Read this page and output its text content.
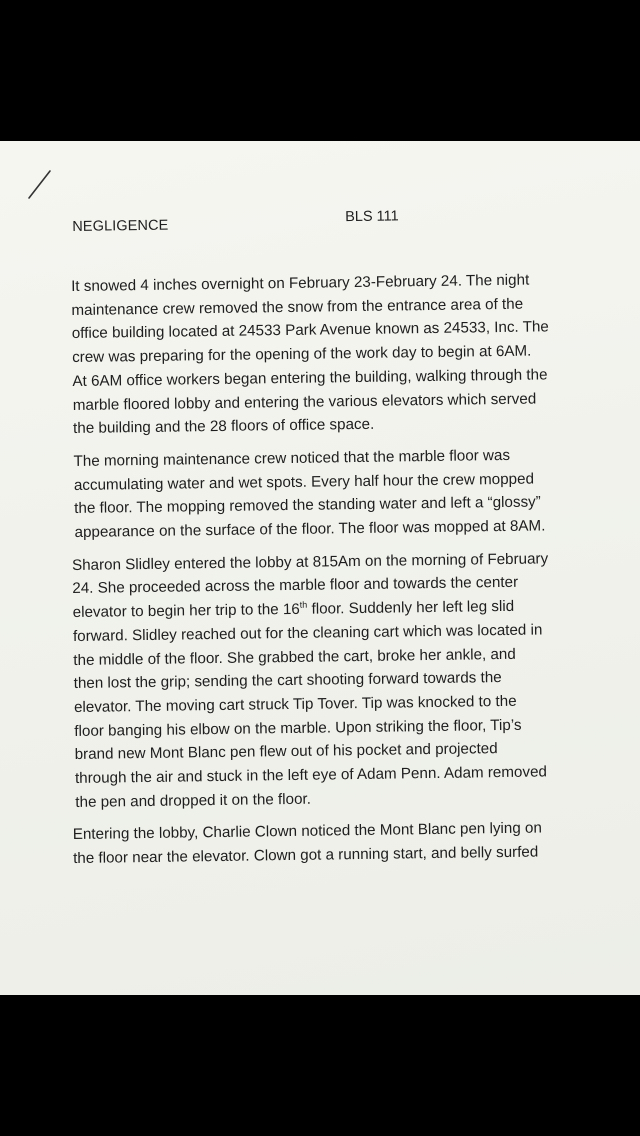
NEGLIGENCE
BLS 111
It snowed 4 inches overnight on February 23-February 24. The night
maintenance crew removed the snow from the entrance area of the
office building located at 24533 Park Avenue known as 24533, Inc. The
crew was preparing for the opening of the work day to begin at 6AM.
At 6AM office workers began entering the building, walking through the
marble floored lobby and entering the various elevators which served
the building and the 28 floors of office space.
The morning maintenance crew noticed that the marble floor was
accumulating water and wet spots. Every half hour the crew mopped
the floor. The mopping removed the standing water and left a “glossy”
appearance on the surface of the floor. The floor was mopped at 8AM.
Sharon Slidley entered the lobby at 815Am on the morning of February
24. She proceeded across the marble floor and towards the center
elevator to begin her trip to the 16th floor. Suddenly her left leg slid
forward. Slidley reached out for the cleaning cart which was located in
the middle of the floor. She grabbed the cart, broke her ankle, and
then lost the grip; sending the cart shooting forward towards the
elevator. The moving cart struck Tip Tover. Tip was knocked to the
floor banging his elbow on the marble. Upon striking the floor, Tip’s
brand new Mont Blanc pen flew out of his pocket and projected
through the air and stuck in the left eye of Adam Penn. Adam removed
the pen and dropped it on the floor.
Entering the lobby, Charlie Clown noticed the Mont Blanc pen lying on
the floor near the elevator. Clown got a running start, and belly surfed
